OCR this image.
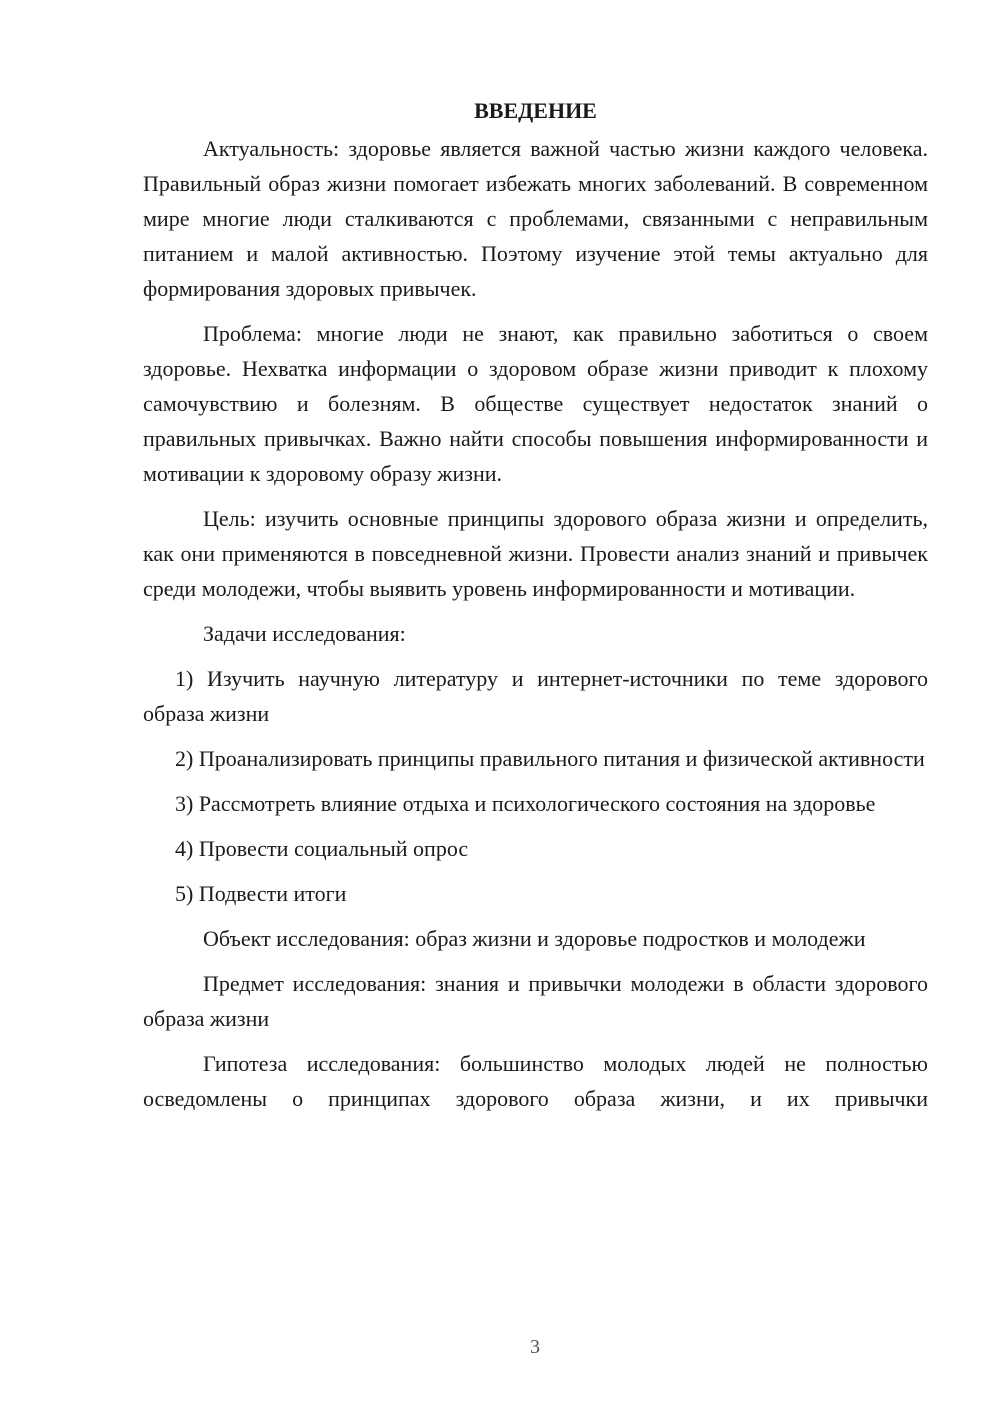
ВВЕДЕНИЕ

Актуальность: здоровье является важной частью жизни каждого человека. Правильный образ жизни помогает избежать многих заболеваний. В современном мире многие люди сталкиваются с проблемами, связанными с неправильным питанием и малой активностью. Поэтому изучение этой темы актуально для формирования здоровых привычек.

Проблема: многие люди не знают, как правильно заботиться о своем здоровье. Нехватка информации о здоровом образе жизни приводит к плохому самочувствию и болезням. В обществе существует недостаток знаний о правильных привычках. Важно найти способы повышения информированности и мотивации к здоровому образу жизни.

Цель: изучить основные принципы здорового образа жизни и определить, как они применяются в повседневной жизни. Провести анализ знаний и привычек среди молодежи, чтобы выявить уровень информированности и мотивации.

Задачи исследования:

1) Изучить научную литературу и интернет-источники по теме здорового образа жизни

2) Проанализировать принципы правильного питания и физической активности

3) Рассмотреть влияние отдыха и психологического состояния на здоровье

4) Провести социальный опрос

5) Подвести итоги

Объект исследования: образ жизни и здоровье подростков и молодежи

Предмет исследования: знания и привычки молодежи в области здорового образа жизни

Гипотеза исследования: большинство молодых людей не полностью осведомлены о принципах здорового образа жизни, и их привычки

3
